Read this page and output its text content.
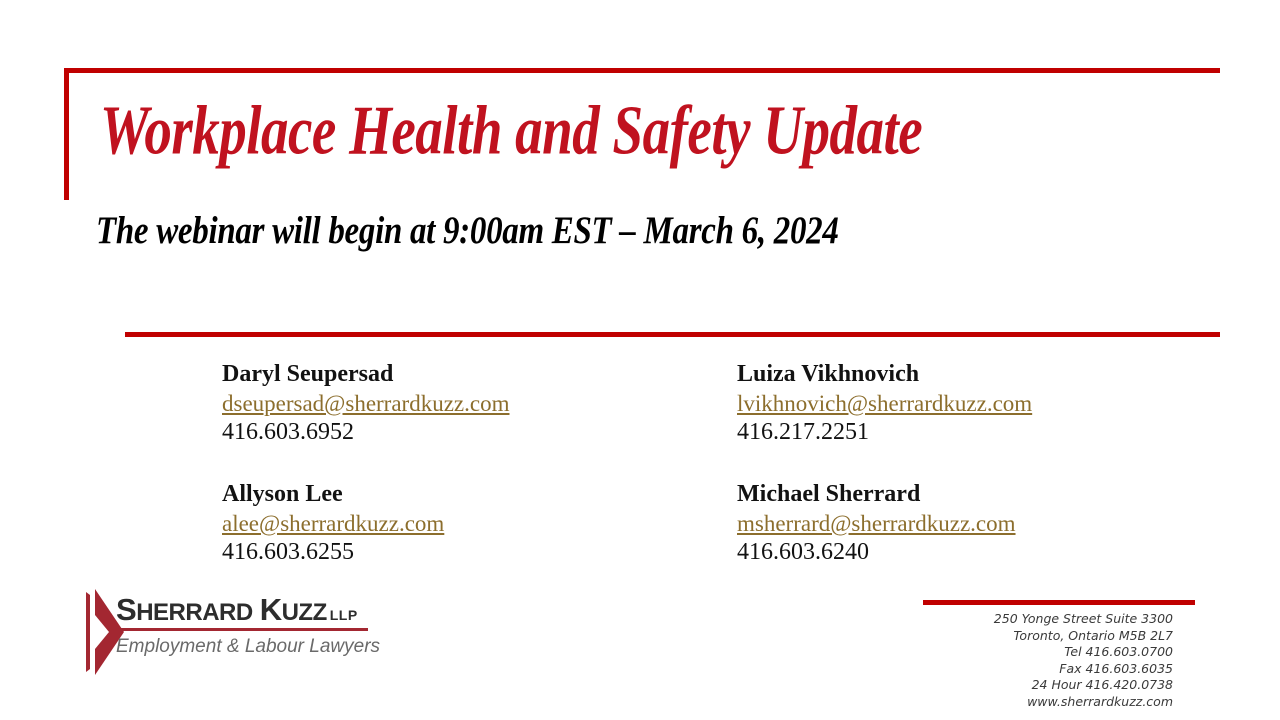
Workplace Health and Safety Update
The webinar will begin at 9:00am EST – March 6, 2024
Daryl Seupersad
dseupersad@sherrardkuzz.com
416.603.6952
Luiza Vikhnovich
lvikhnovich@sherrardkuzz.com
416.217.2251
Allyson Lee
alee@sherrardkuzz.com
416.603.6255
Michael Sherrard
msherrard@sherrardkuzz.com
416.603.6240
S HERRARD K UZZ LLP
Employment & Labour Lawyers
250 Yonge Street Suite 3300
Toronto, Ontario M5B 2L7
Tel 416.603.0700
Fax 416.603.6035
24 Hour 416.420.0738
www.sherrardkuzz.com
